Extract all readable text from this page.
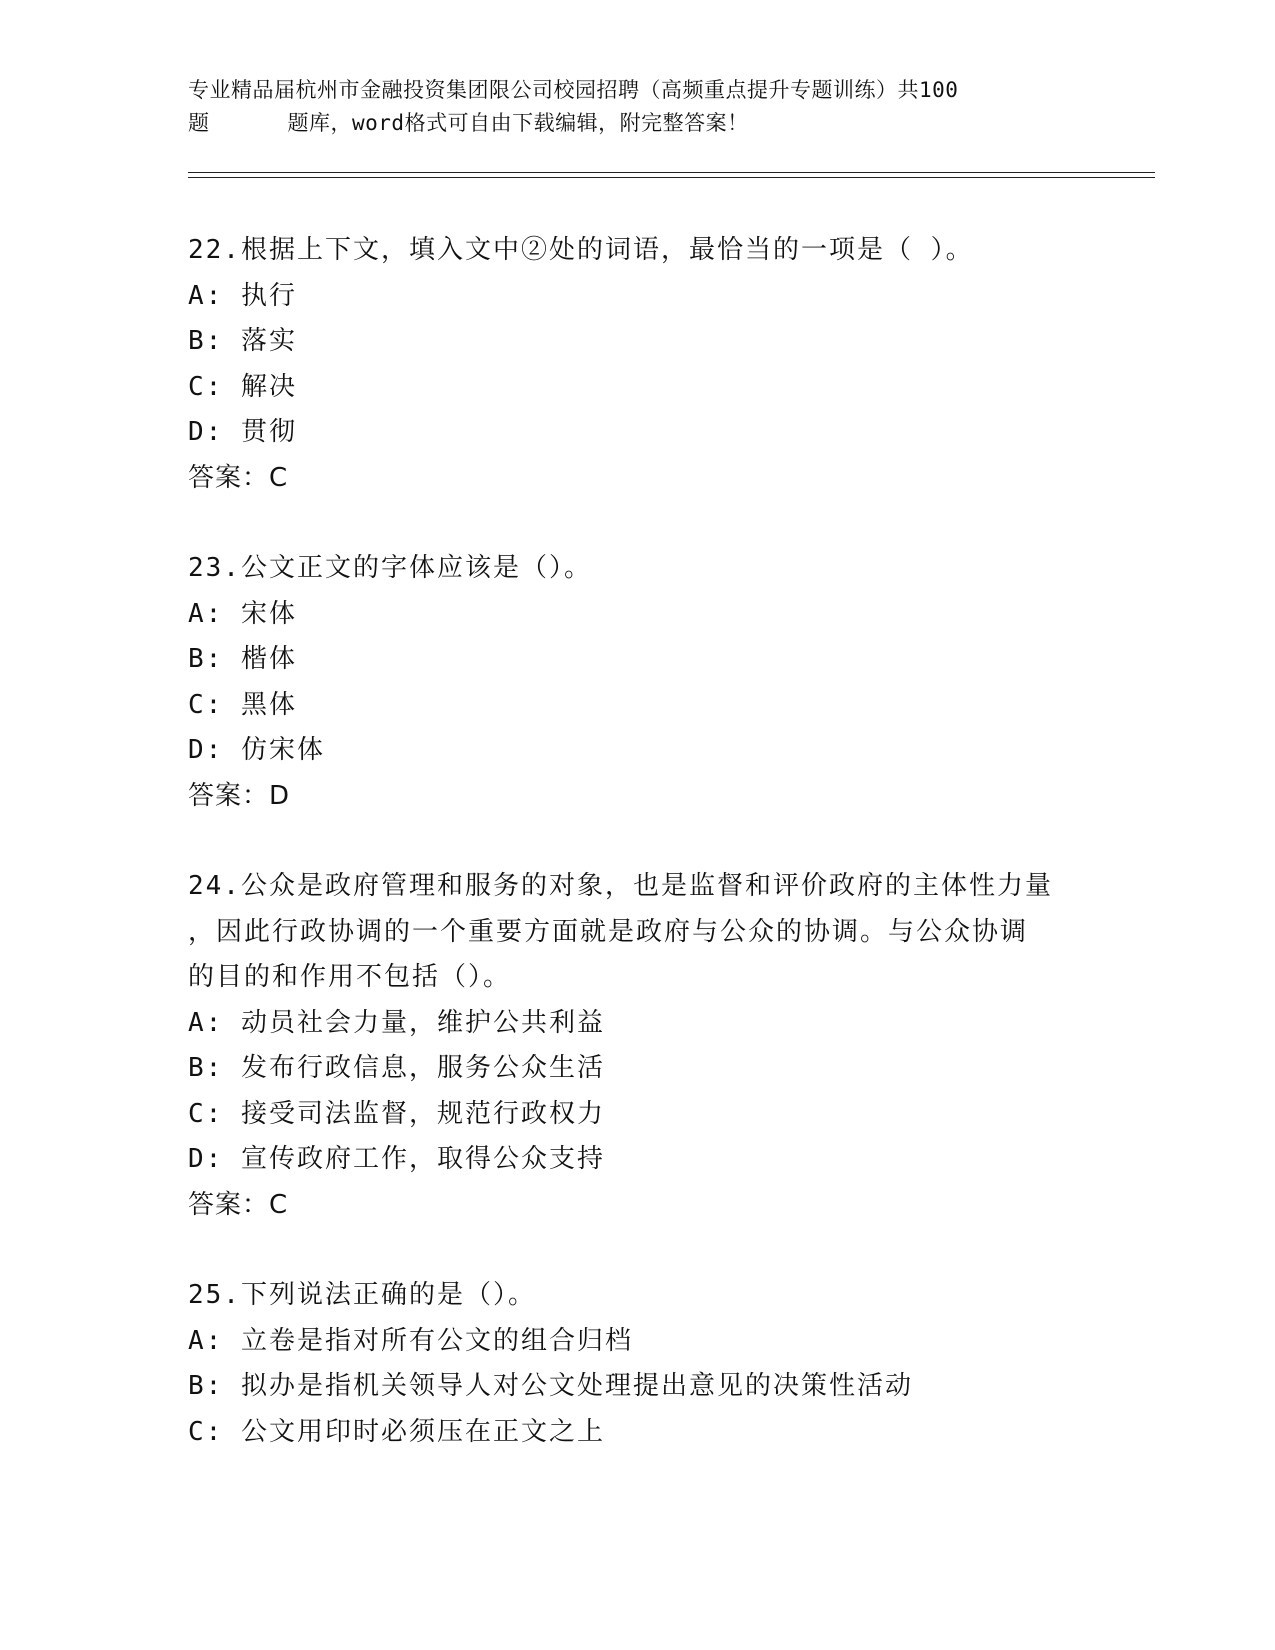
专业精品届杭州市金融投资集团限公司校园招聘（高频重点提升专题训练）共100
题	题库，word格式可自由下载编辑，附完整答案！

22.根据上下文，填入文中②处的词语，最恰当的一项是（ ）。

A: 执行

B: 落实

C: 解决

D: 贯彻

答案：C

23.公文正文的字体应该是（）。

A: 宋体

B: 楷体

C: 黑体

D: 仿宋体

答案：D

24.公众是政府管理和服务的对象，也是监督和评价政府的主体性力量

，因此行政协调的一个重要方面就是政府与公众的协调。与公众协调

的目的和作用不包括（）。

A: 动员社会力量，维护公共利益

B: 发布行政信息，服务公众生活

C: 接受司法监督，规范行政权力

D: 宣传政府工作，取得公众支持

答案：C

25.下列说法正确的是（）。

A: 立卷是指对所有公文的组合归档

B: 拟办是指机关领导人对公文处理提出意见的决策性活动

C: 公文用印时必须压在正文之上
